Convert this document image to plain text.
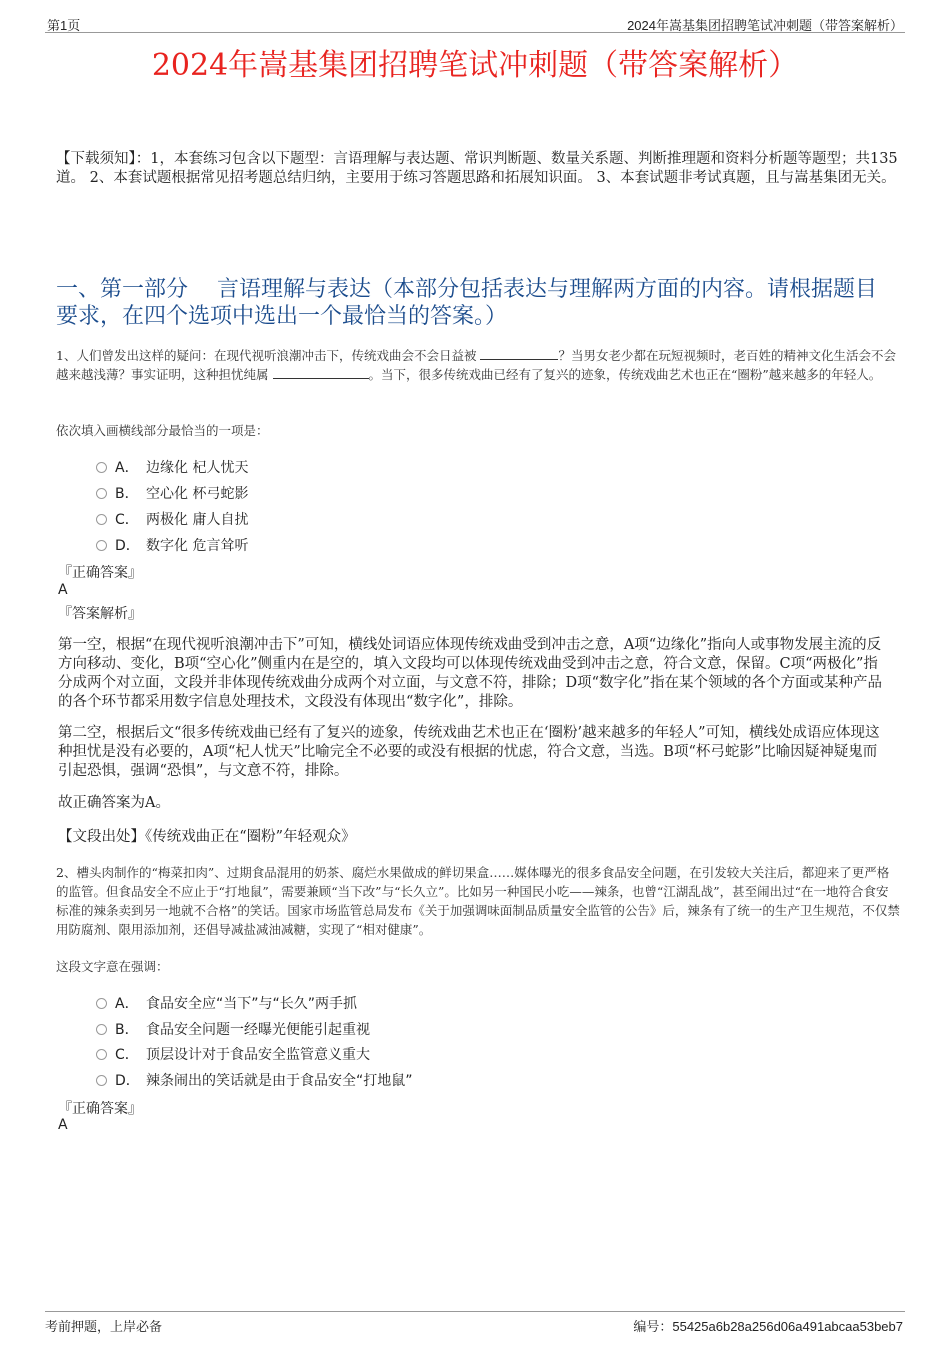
第1页	2024年嵩基集团招聘笔试冲刺题（带答案解析）
2024年嵩基集团招聘笔试冲刺题（带答案解析）
【下载须知】：1，本套练习包含以下题型：言语理解与表达题、常识判断题、数量关系题、判断推理题和资料分析题等题型；共135道。 2、本套试题根据常见招考题总结归纳，主要用于练习答题思路和拓展知识面。 3、本套试题非考试真题，且与嵩基集团无关。
一、第一部分　 言语理解与表达（本部分包括表达与理解两方面的内容。请根据题目要求，在四个选项中选出一个最恰当的答案。）
1、人们曾发出这样的疑问：在现代视听浪潮冲击下，传统戏曲会不会日益被	？当男女老少都在玩短视频时，老百姓的精神文化生活会不会越来越浅薄？事实证明，这种担忧纯属	。当下，很多传统戏曲已经有了复兴的迹象，传统戏曲艺术也正在“圈粉”越来越多的年轻人。
依次填入画横线部分最恰当的一项是：
A． 边缘化 杞人忧天
B． 空心化 杯弓蛇影
C． 两极化 庸人自扰
D． 数字化 危言耸听
『正确答案』
A
『答案解析』
第一空，根据“在现代视听浪潮冲击下”可知，横线处词语应体现传统戏曲受到冲击之意，A项“边缘化”指向人或事物发展主流的反方向移动、变化，B项“空心化”侧重内在是空的，填入文段均可以体现传统戏曲受到冲击之意，符合文意，保留。C项“两极化”指分成两个对立面，文段并非体现传统戏曲分成两个对立面，与文意不符，排除；D项“数字化”指在某个领域的各个方面或某种产品的各个环节都采用数字信息处理技术，文段没有体现出“数字化”，排除。
第二空，根据后文“很多传统戏曲已经有了复兴的迹象，传统戏曲艺术也正在‘圈粉’越来越多的年轻人”可知，横线处成语应体现这种担忧是没有必要的，A项“杞人忧天”比喻完全不必要的或没有根据的忧虑，符合文意，当选。B项“杯弓蛇影”比喻因疑神疑鬼而引起恐惧，强调“恐惧”，与文意不符，排除。
故正确答案为A。
【文段出处】《传统戏曲正在“圈粉”年轻观众》
2、槽头肉制作的“梅菜扣肉”、过期食品混用的奶茶、腐烂水果做成的鲜切果盒……媒体曝光的很多食品安全问题，在引发较大关注后，都迎来了更严格的监管。但食品安全不应止于“打地鼠”，需要兼顾“当下改”与“长久立”。比如另一种国民小吃——辣条，也曾“江湖乱战”，甚至闹出过“在一地符合食安标准的辣条卖到另一地就不合格”的笑话。国家市场监管总局发布《关于加强调味面制品质量安全监管的公告》后，辣条有了统一的生产卫生规范，不仅禁用防腐剂、限用添加剂，还倡导减盐减油减糖，实现了“相对健康”。
这段文字意在强调：
A． 食品安全应“当下”与“长久”两手抓
B． 食品安全问题一经曝光便能引起重视
C． 顶层设计对于食品安全监管意义重大
D． 辣条闹出的笑话就是由于食品安全“打地鼠”
『正确答案』
A
考前押题，上岸必备	编号：55425a6b28a256d06a491abcaa53beb7
